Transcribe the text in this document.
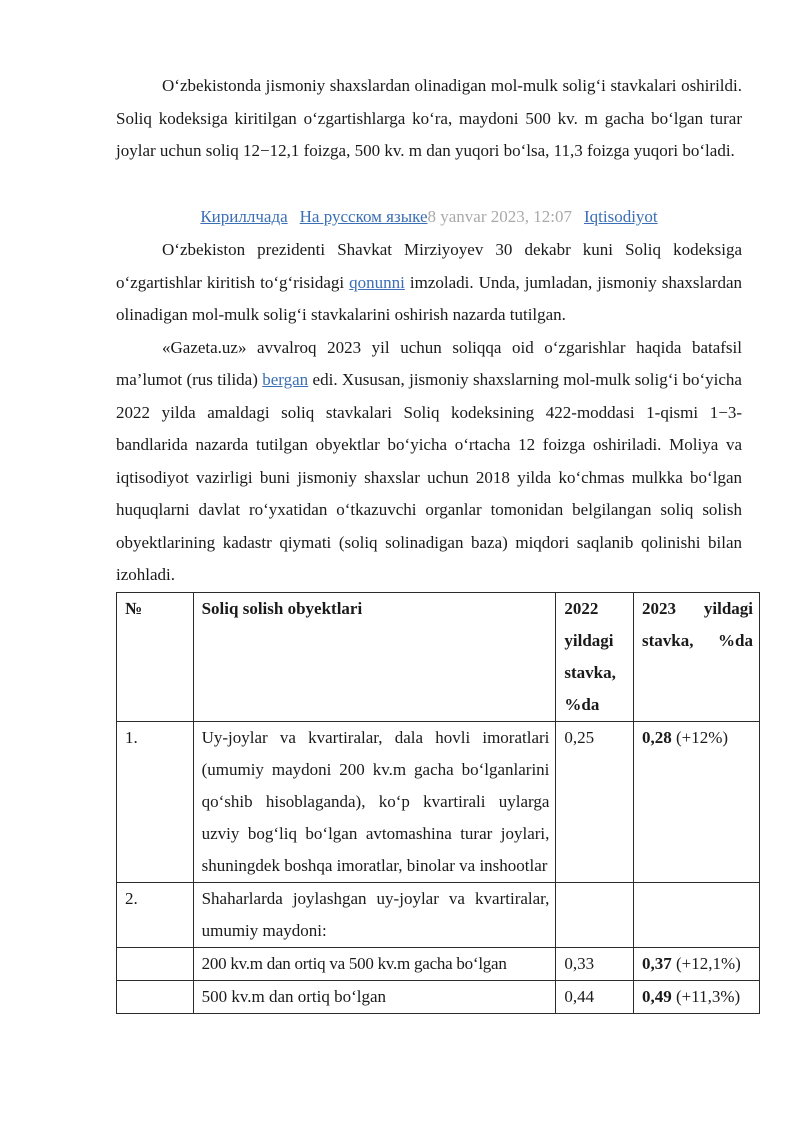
O‘zbekistonda jismoniy shaxslardan olinadigan mol-mulk solig‘i stavkalari oshirildi. Soliq kodeksiga kiritilgan o‘zgartishlarga ko‘ra, maydoni 500 kv. m gacha bo‘lgan turar joylar uchun soliq 12−12,1 foizga, 500 kv. m dan yuqori bo‘lsa, 11,3 foizga yuqori bo‘ladi.

Кириллчада На русском языке8 yanvar 2023, 12:07 Iqtisodiyot

O‘zbekiston prezidenti Shavkat Mirziyoyev 30 dekabr kuni Soliq kodeksiga o‘zgartishlar kiritish to‘g‘risidagi qonunni imzoladi. Unda, jumladan, jismoniy shaxslardan olinadigan mol-mulk solig‘i stavkalarini oshirish nazarda tutilgan.

«Gazeta.uz» avvalroq 2023 yil uchun soliqqa oid o‘zgarishlar haqida batafsil ma’lumot (rus tilida) bergan edi. Xususan, jismoniy shaxslarning mol-mulk solig‘i bo‘yicha 2022 yilda amaldagi soliq stavkalari Soliq kodeksining 422-moddasi 1-qismi 1−3-bandlarida nazarda tutilgan obyektlar bo‘yicha o‘rtacha 12 foizga oshiriladi. Moliya va iqtisodiyot vazirligi buni jismoniy shaxslar uchun 2018 yilda ko‘chmas mulkka bo‘lgan huquqlarni davlat ro‘yxatidan o‘tkazuvchi organlar tomonidan belgilangan soliq solish obyektlarining kadastr qiymati (soliq solinadigan baza) miqdori saqlanib qolinishi bilan izohladi.

№	Soliq solish obyektlari	2022 yildagi stavka, %da	2023 yildagi stavka, %da
1.	Uy-joylar va kvartiralar, dala hovli imoratlari (umumiy maydoni 200 kv.m gacha bo‘lganlarini qo‘shib hisoblaganda), ko‘p kvartirali uylarga uzviy bog‘liq bo‘lgan avtomashina turar joylari, shuningdek boshqa imoratlar, binolar va inshootlar	0,25	0,28 (+12%)
2.	Shaharlarda joylashgan uy-joylar va kvartiralar, umumiy maydoni:		
	200 kv.m dan ortiq va 500 kv.m gacha bo‘lgan	0,33	0,37 (+12,1%)
	500 kv.m dan ortiq bo‘lgan	0,44	0,49 (+11,3%)
